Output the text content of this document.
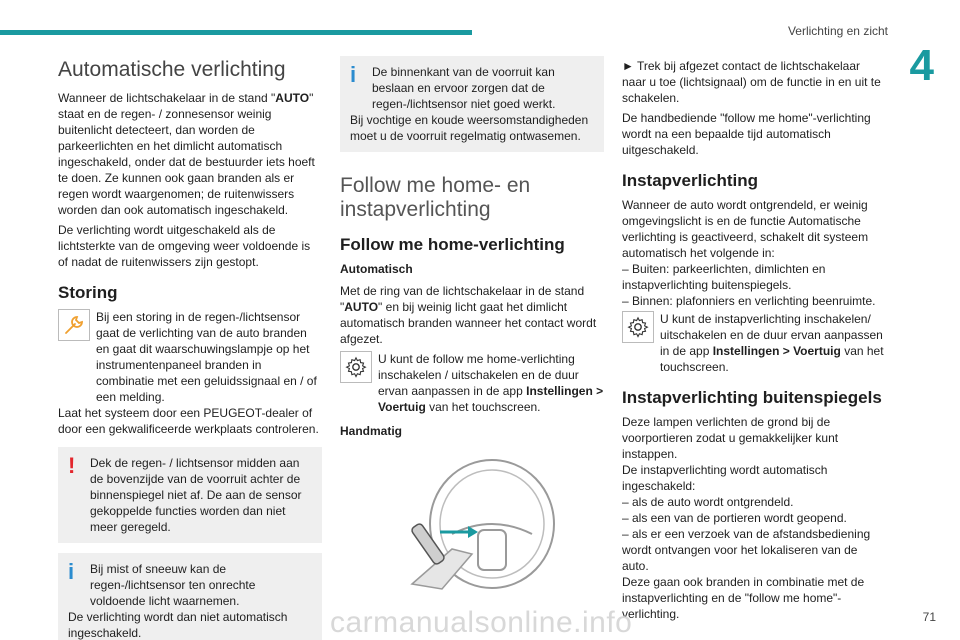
Verlichting en zicht
4
Automatische verlichting

Wanneer de lichtschakelaar in de stand "AUTO" staat en de regen- / zonnesensor weinig buitenlicht detecteert, dan worden de parkeerlichten en het dimlicht automatisch ingeschakeld, onder dat de bestuurder iets hoeft te doen. Ze kunnen ook gaan branden als er regen wordt waargenomen; de ruitenwissers worden dan ook automatisch ingeschakeld.

De verlichting wordt uitgeschakeld als de lichtsterkte van de omgeving weer voldoende is of nadat de ruitenwissers zijn gestopt.

Storing

Bij een storing in de regen-/lichtsensor gaat de verlichting van de auto branden en gaat dit waarschuwingslampje op het instrumentenpaneel branden in combinatie met een geluidssignaal en / of een melding.

Laat het systeem door een PEUGEOT-dealer of door een gekwalificeerde werkplaats controleren.

!	Dek de regen- / lichtsensor midden aan de bovenzijde van de voorruit achter de binnenspiegel niet af. De aan de sensor gekoppelde functies worden dan niet meer geregeld.

i	Bij mist of sneeuw kan de regen-/lichtsensor ten onrechte voldoende licht waarnemen.

De verlichting wordt dan niet automatisch ingeschakeld.

i	De binnenkant van de voorruit kan beslaan en ervoor zorgen dat de regen-/lichtsensor niet goed werkt.

Bij vochtige en koude weersomstandigheden moet u de voorruit regelmatig ontwasemen.

Follow me home- en instapverlichting
Follow me home-verlichting

Automatisch

Met de ring van de lichtschakelaar in de stand "AUTO" en bij weinig licht gaat het dimlicht automatisch branden wanneer het contact wordt afgezet.

U kunt de follow me home-verlichting inschakelen / uitschakelen en de duur ervan aanpassen in de app Instellingen > Voertuig van het touchscreen.

Handmatig

► Trek bij afgezet contact de lichtschakelaar naar u toe (lichtsignaal) om de functie in en uit te schakelen.

De handbediende "follow me home"-verlichting wordt na een bepaalde tijd automatisch uitgeschakeld.

Instapverlichting

Wanneer de auto wordt ontgrendeld, er weinig omgevingslicht is en de functie Automatische verlichting is geactiveerd, schakelt dit systeem automatisch het volgende in:

– Buiten: parkeerlichten, dimlichten en instapverlichting buitenspiegels.

– Binnen: plafonniers en verlichting beenruimte.

U kunt de instapverlichting inschakelen/ uitschakelen en de duur ervan aanpassen in de app Instellingen > Voertuig van het touchscreen.

Instapverlichting buitenspiegels

Deze lampen verlichten de grond bij de voorportieren zodat u gemakkelijker kunt instappen.

De instapverlichting wordt automatisch ingeschakeld:

– als de auto wordt ontgrendeld.

– als een van de portieren wordt geopend.

– als er een verzoek van de afstandsbediening wordt ontvangen voor het lokaliseren van de auto.

Deze gaan ook branden in combinatie met de instapverlichting en de "follow me home"-verlichting.	71
carmanualsonline.info
